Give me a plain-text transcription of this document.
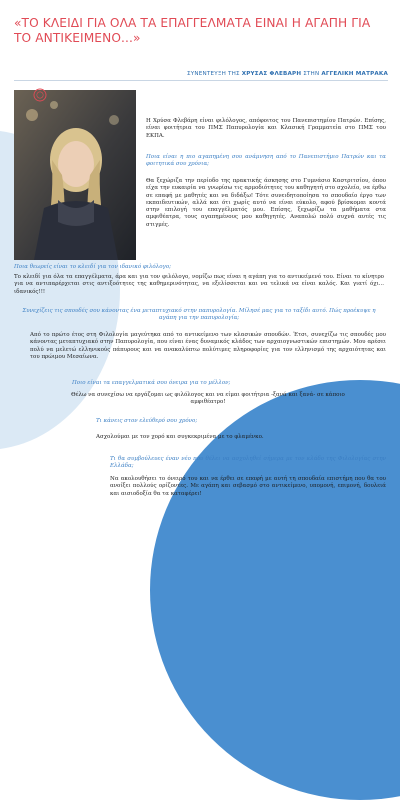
«ΤΟ ΚΛΕΙΔΙ ΓΙΑ ΟΛΑ ΤΑ ΕΠΑΓΓΕΛΜΑΤΑ ΕΙΝΑΙ Η ΑΓΑΠΗ ΓΙΑ ΤΟ ΑΝΤΙΚΕΙΜΕΝΟ...»
ΣΥΝΕΝΤΕΥΞΗ ΤΗΣ ΧΡΥΣΑΣ ΦΛΕΒΑΡΗ ΣΤΗΝ ΑΓΓΕΛΙΚΗ ΜΑΤΡΑΚΑ
Η Χρύσα Φλεβάρη είναι φιλόλογος, απόφοιτος του Πανεπιστημίου Πατρών. Επίσης, είναι φοιτήτρια του ΠΜΣ Παπυρολογία και Κλασική Γραμματεία στο ΠΜΣ του ΕΚΠΑ.
Ποια είναι η πιο αγαπημένη σου ανάμνηση από το Πανεπιστήμιο Πατρών και τα φοιτητικά σου χρόνια;
Θα ξεχώριζα την περίοδο της πρακτικής άσκησης στο Γυμνάσιο Καστριτσίου, όπου είχα την ευκαιρία να γνωρίσω τις αρμοδιότητες του καθηγητή στο σχολείο, να έρθω σε επαφή με μαθητές και να διδάξω! Τότε συνειδητοποίησα το σπουδαίο έργο των εκπαιδευτικών, αλλά και ότι χωρίς αυτό να είναι εύκολο, αφού βρίσκομαι κοντά στην επιλογή του επαγγέλματός μου. Επίσης, ξεχωρίζω τα μαθήματα στα αμφιθέατρα, τους αγαπημένους μου καθηγητές. Αναπολώ πολύ συχνά αυτές τις στιγμές.
Ποια θεωρείς είναι το κλειδί για τον ιδανικό φιλόλογο;
Το κλειδί για όλα τα επαγγέλματα, άρα και για τον φιλόλογο, νομίζω πως είναι η αγάπη για το αντικείμενό του. Είναι το κίνητρο για να αντιπαρέρχεται στις αντιξοότητες της καθημερινότητας, να εξελίσσεται και να τελικά να είναι καλός. Και γιατί όχι... ιδανικός!!!
Συνεχίζεις τις σπουδές σου κάνοντας ένα μεταπτυχιακό στην παπυρολογία. Μίλησέ μας για το ταξίδι αυτό. Πώς προέκυψε η αγάπη για την παπυρολογία;
Από το πρώτο έτος στη Φιλολογία μαγεύτηκα από το αντικείμενο των κλασικών σπουδών. Έτσι, συνεχίζω τις σπουδές μου κάνοντας μεταπτυχιακό στην Παπυρολογία, που είναι ένας δυναμικός κλάδος των αρχαιογνωστικών επιστημών. Μου αρέσει πολύ να μελετώ ελληνικούς πάπυρους και να ανακαλύπτω πολύτιμες πληροφορίες για τον ελληνισμό της αρχαιότητας και του πρώιμου Μεσαίωνα.
Ποιο είναι τα επαγγελματικά σου όνειρα για το μέλλον;
Θέλω να συνεχίσω να εργάζομαι ως φιλόλογος και να είμαι φοιτήτρια -ξανά και ξανά- σε κάποιο αμφιθέατρο!
Τι κάνεις στον ελεύθερό σου χρόνο;
Ασχολούμαι με τον χορό και συγκεκριμένα με το φλαμένκο.
Τι θα συμβούλευες έναν νέο που θέλει να ασχοληθεί σήμερα με τον κλάδο της Φιλολογίας στην Ελλάδα;
Να ακολουθήσει το όνειρό του και να έρθει σε επαφή με αυτή τη σπουδαία επιστήμη που θα του ανοίξει πολλούς ορίζοντες. Με αγάπη και σεβασμό στο αντικείμενο, υπομονή, επιμονή, δουλειά και αισιοδοξία θα τα καταφέρει!
